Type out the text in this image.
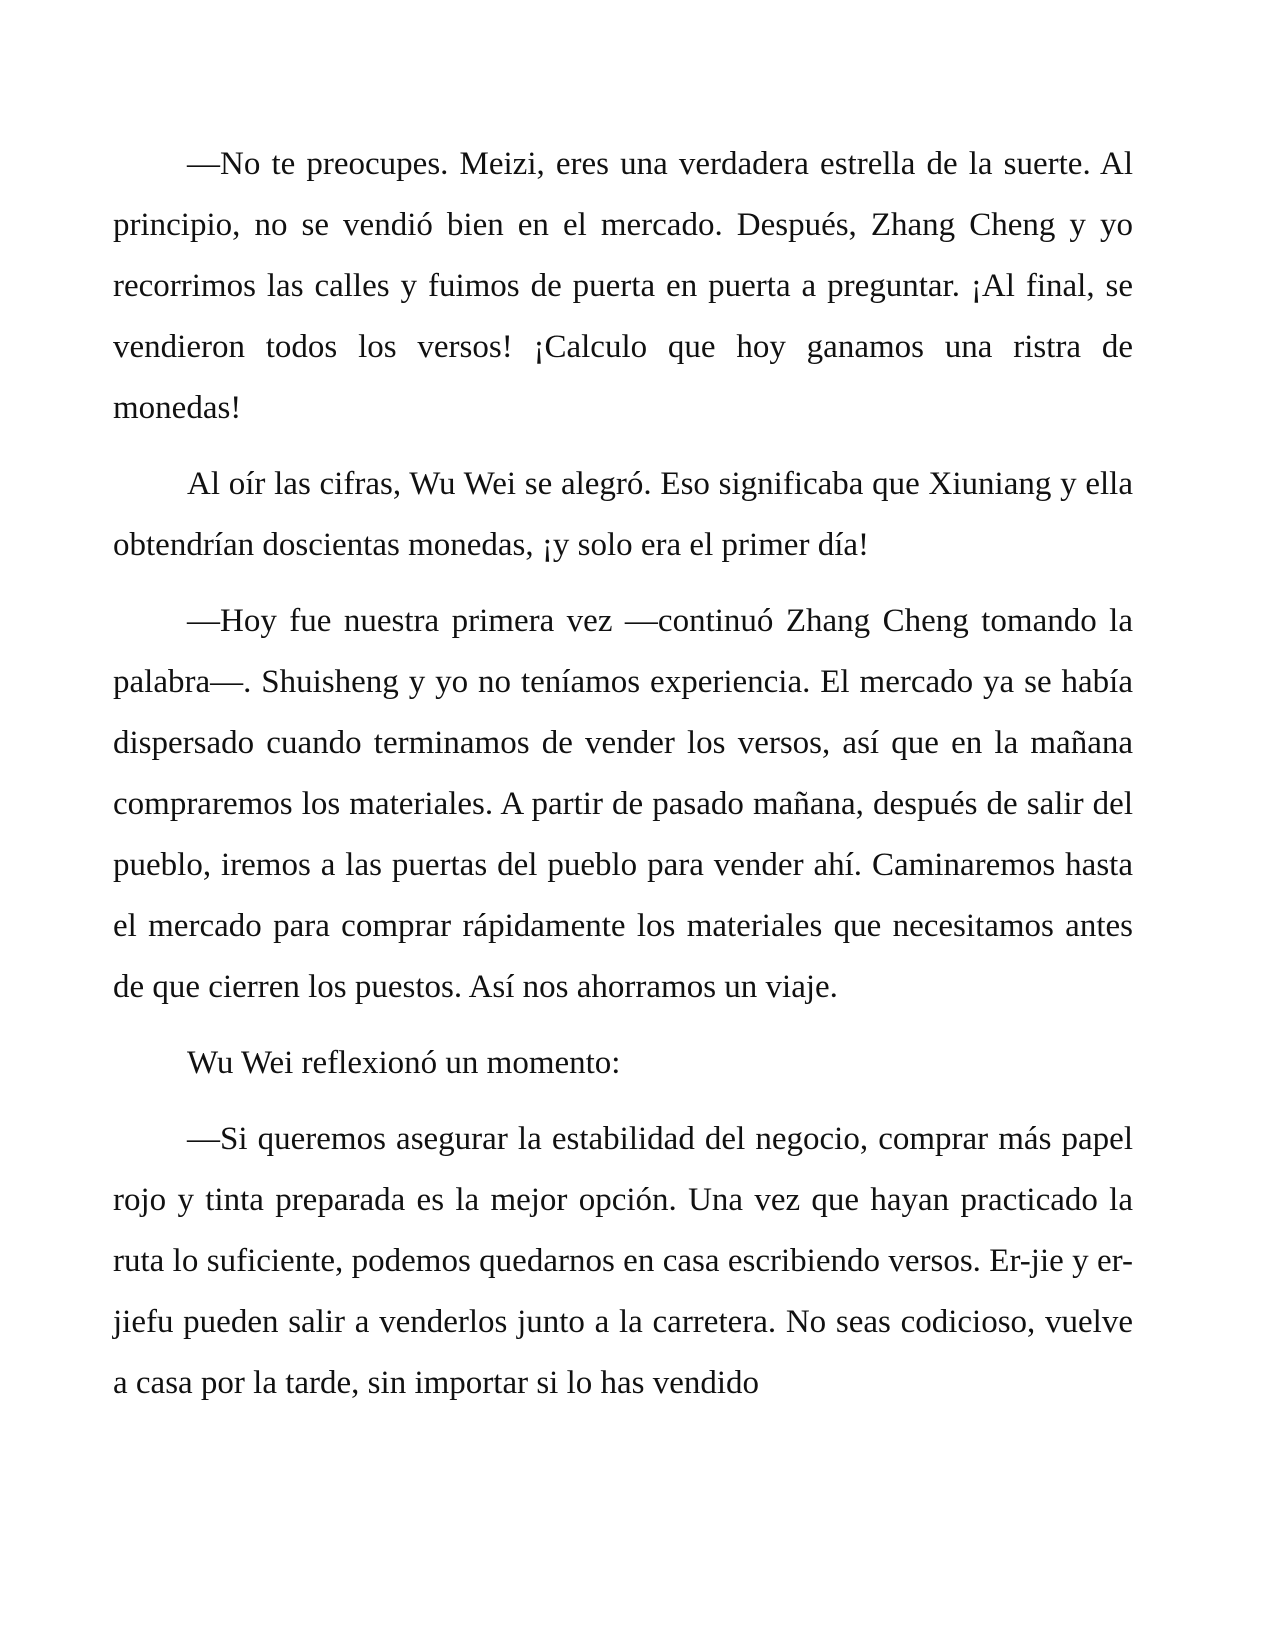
—No te preocupes. Meizi, eres una verdadera estrella de la suerte. Al principio, no se vendió bien en el mercado. Después, Zhang Cheng y yo recorrimos las calles y fuimos de puerta en puerta a preguntar. ¡Al final, se vendieron todos los versos! ¡Calculo que hoy ganamos una ristra de monedas!

Al oír las cifras, Wu Wei se alegró. Eso significaba que Xiuniang y ella obtendrían doscientas monedas, ¡y solo era el primer día!

—Hoy fue nuestra primera vez —continuó Zhang Cheng tomando la palabra—. Shuisheng y yo no teníamos experiencia. El mercado ya se había dispersado cuando terminamos de vender los versos, así que en la mañana compraremos los materiales. A partir de pasado mañana, después de salir del pueblo, iremos a las puertas del pueblo para vender ahí. Caminaremos hasta el mercado para comprar rápidamente los materiales que necesitamos antes de que cierren los puestos. Así nos ahorramos un viaje.

Wu Wei reflexionó un momento:

—Si queremos asegurar la estabilidad del negocio, comprar más papel rojo y tinta preparada es la mejor opción. Una vez que hayan practicado la ruta lo suficiente, podemos quedarnos en casa escribiendo versos. Er-jie y er-jiefu pueden salir a venderlos junto a la carretera. No seas codicioso, vuelve a casa por la tarde, sin importar si lo has vendido
